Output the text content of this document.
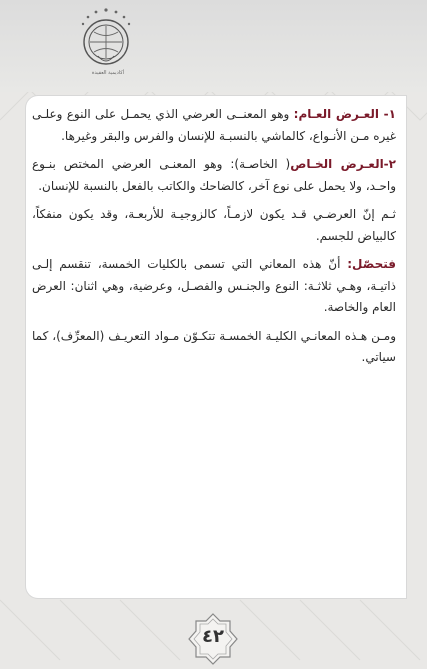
أكاديمية العقيدة

١- العـرض العـام: وهو المعنــى العرضي الذي يحمـل على النوع وعلـى غيره مـن الأنـواع، كالماشي بالنسبـة للإنسان والفرس والبقر وغيرها.

٢-العـرض الخـاص( الخاصـة): وهو المعنـى العرضي المختص بنـوع واحـد، ولا يحمل على نوع آخر، كالضاحك والكاتب بالفعل بالنسبة للإنسان.

ثـم إنّ العرضـي قـد يكون لازمـاً، كالزوجيـة للأربعـة، وقد يكون منفكاً، كالبياض للجسم.

فتحصّل: أنّ هذه المعاني التي تسمى بالكليات الخمسة، تنقسم إلـى ذاتيـة، وهـي ثلاثـة: النوع والجنـس والفصـل، وعرضية، وهي اثنان: العرض العام والخاصة.

ومـن هـذه المعانـي الكليـة الخمسـة تتكـوّن مـواد التعريـف (المعرِّف)، كما سياتي.

٤٢
